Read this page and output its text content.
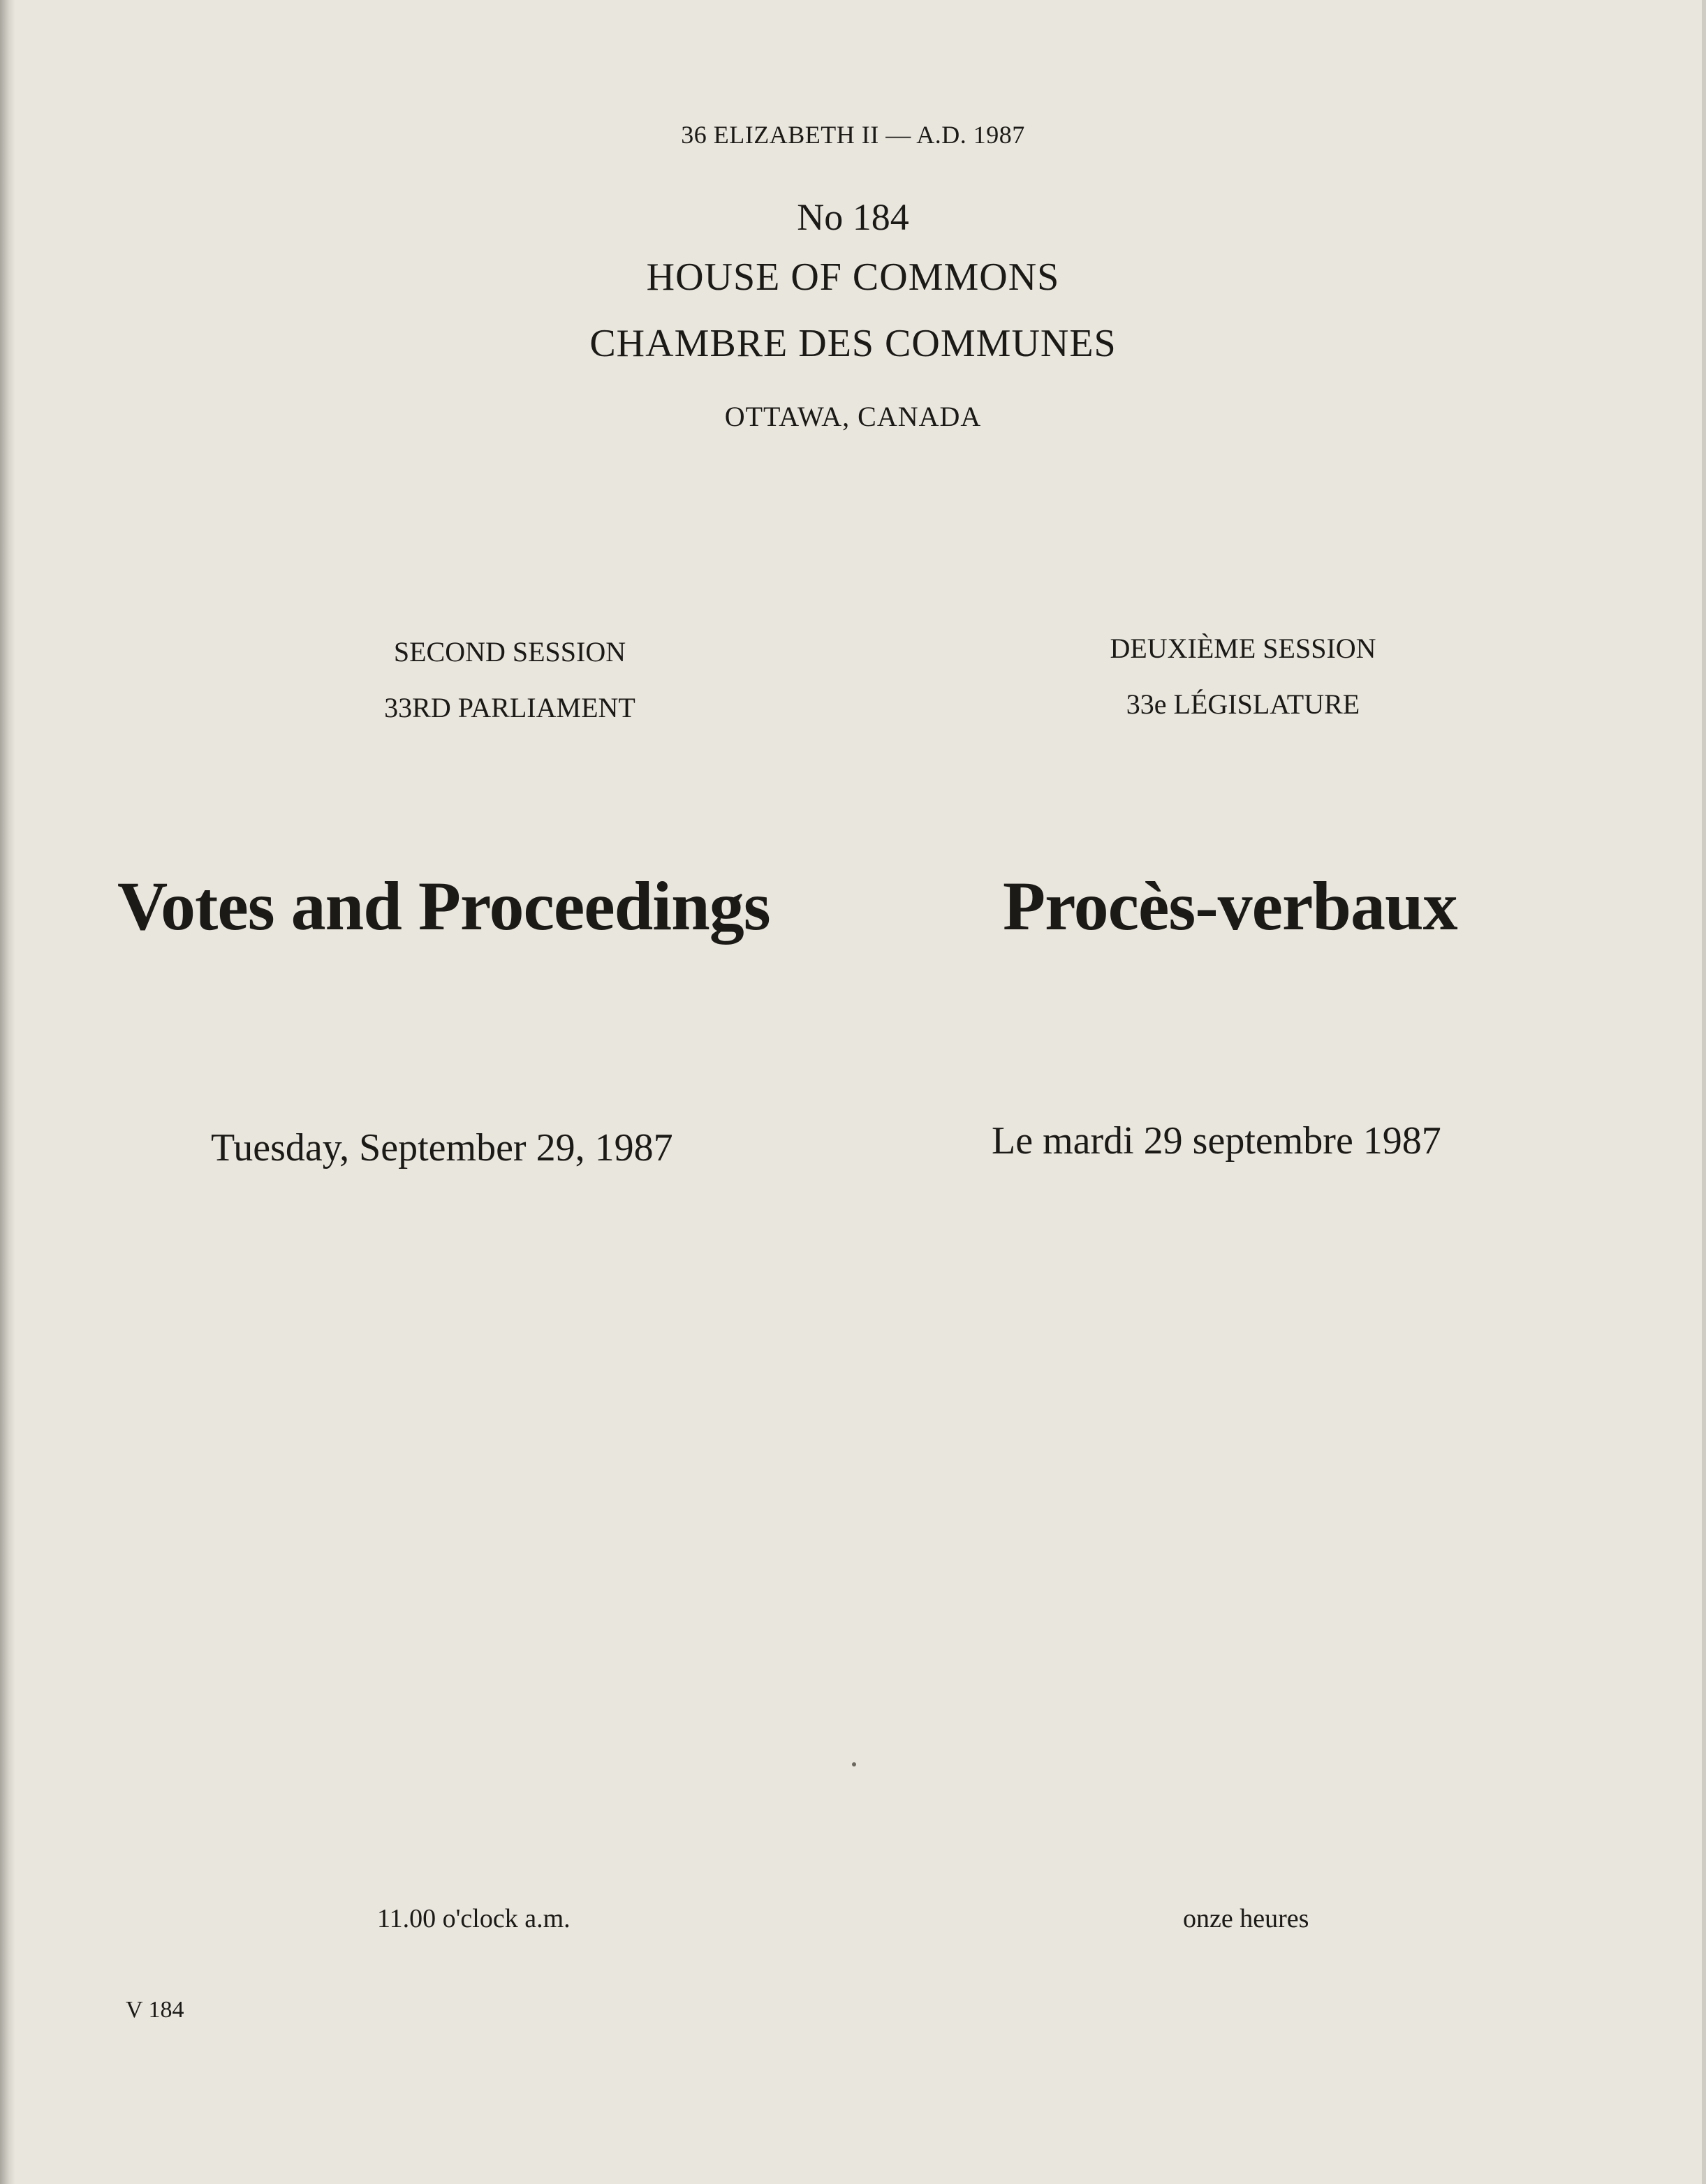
36 ELIZABETH II — A.D. 1987
No 184
HOUSE OF COMMONS
CHAMBRE DES COMMUNES
OTTAWA, CANADA
SECOND SESSION
33RD PARLIAMENT
DEUXIÈME SESSION
33e LÉGISLATURE
Votes and Proceedings	Procès-verbaux
Tuesday, September 29, 1987	Le mardi 29 septembre 1987
11.00 o'clock a.m.	onze heures
V 184
